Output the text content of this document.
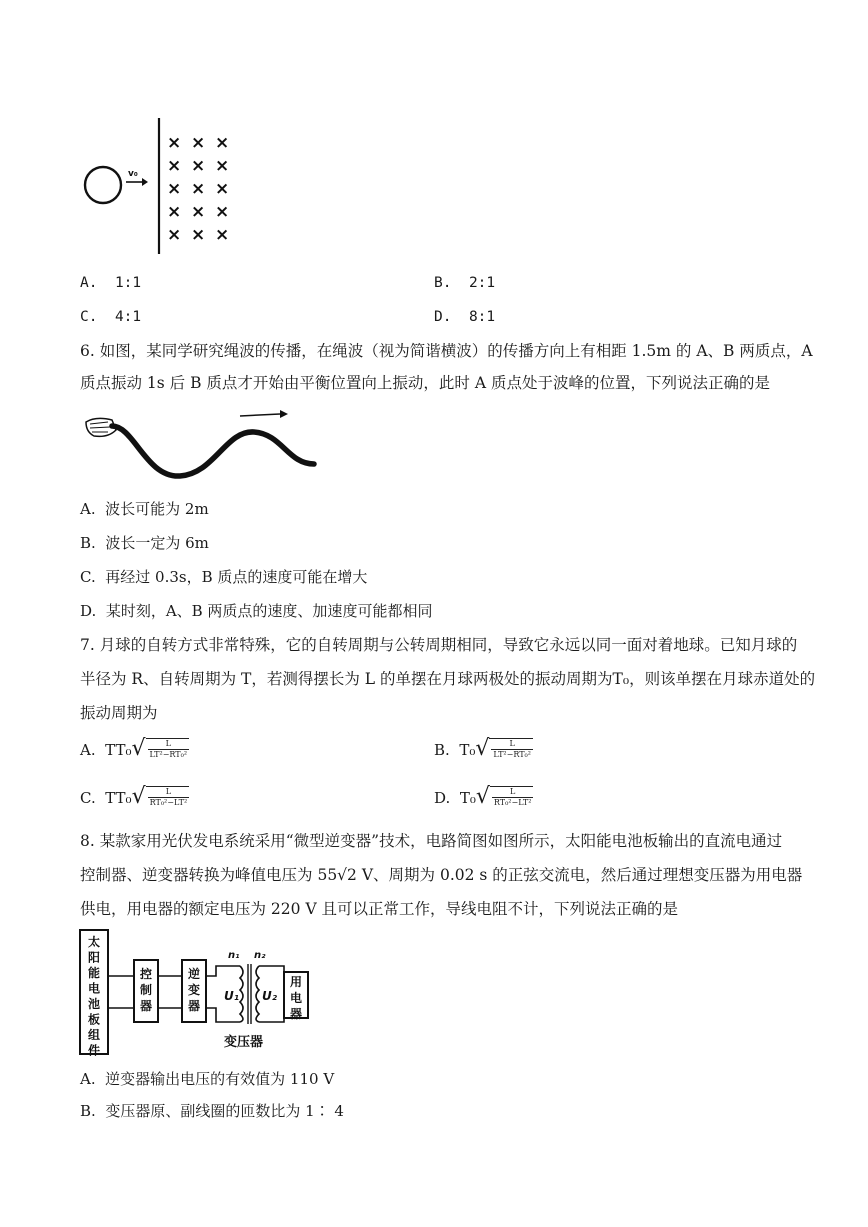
v₀
× × ×
× × ×
× × ×
× × ×
× × ×
A. 1:1	B. 2:1
C. 4:1	D. 8:1
6. 如图，某同学研究绳波的传播，在绳波（视为简谐横波）的传播方向上有相距 1.5m 的 A、B 两质点，A
质点振动 1s 后 B 质点才开始由平衡位置向上振动，此时 A 质点处于波峰的位置，下列说法正确的是
A. 波长可能为 2m
B. 波长一定为 6m
C. 再经过 0.3s，B 质点的速度可能在增大
D. 某时刻，A、B 两质点的速度、加速度可能都相同
7. 月球的自转方式非常特殊，它的自转周期与公转周期相同，导致它永远以同一面对着地球。已知月球的
半径为 R、自转周期为 T，若测得摆长为 L 的单摆在月球两极处的振动周期为T₀，则该单摆在月球赤道处的
振动周期为
A. TT₀ √ $\frac{L}{\text{LT²−RT₀²}}$	B. T₀ √ $\frac{L}{\text{LT²−RT₀²}}$
C. TT₀ √ $\frac{L}{\text{RT₀²−LT²}}$	D. T₀ √ $\frac{L}{\text{RT₀²−LT²}}$
8. 某款家用光伏发电系统采用“微型逆变器”技术，电路简图如图所示，太阳能电池板输出的直流电通过
控制器、逆变器转换为峰值电压为 55√2 V、周期为 0.02 s 的正弦交流电，然后通过理想变压器为用电器
供电，用电器的额定电压为 220 V 且可以正常工作，导线电阻不计，下列说法正确的是
太
阳
能
电
池
板
组
件
控
制
器
逆
变
器
用
电
器
n₁ n₂
U₁ U₂
变压器
A. 逆变器输出电压的有效值为 110 V
B. 变压器原、副线圈的匝数比为 1∶ 4
